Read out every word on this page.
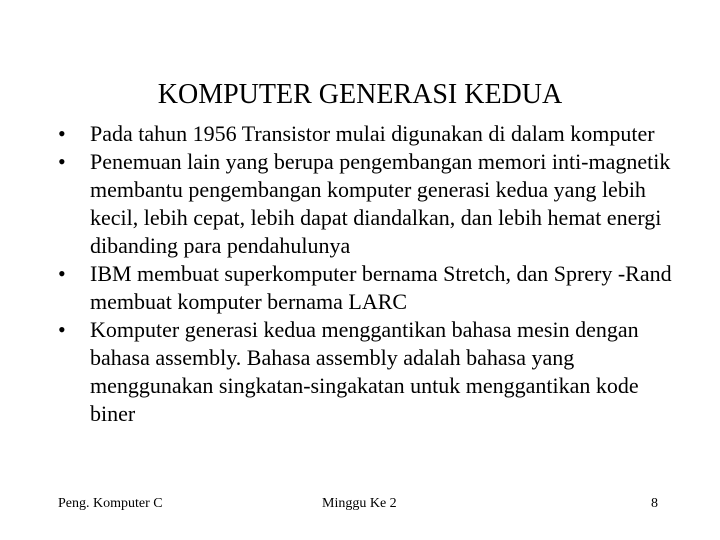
KOMPUTER GENERASI KEDUA
•	Pada tahun 1956 Transistor mulai digunakan di dalam komputer
•	Penemuan lain yang berupa pengembangan memori inti-magnetik membantu pengembangan komputer generasi kedua yang lebih kecil, lebih cepat, lebih dapat diandalkan, dan lebih hemat energi dibanding para pendahulunya
•	IBM membuat superkomputer bernama Stretch, dan Sprery -Rand membuat komputer bernama LARC
•	Komputer generasi kedua menggantikan bahasa mesin dengan bahasa assembly. Bahasa assembly adalah bahasa yang menggunakan singkatan-singakatan untuk menggantikan kode biner
Peng. Komputer C	Minggu Ke 2	8
